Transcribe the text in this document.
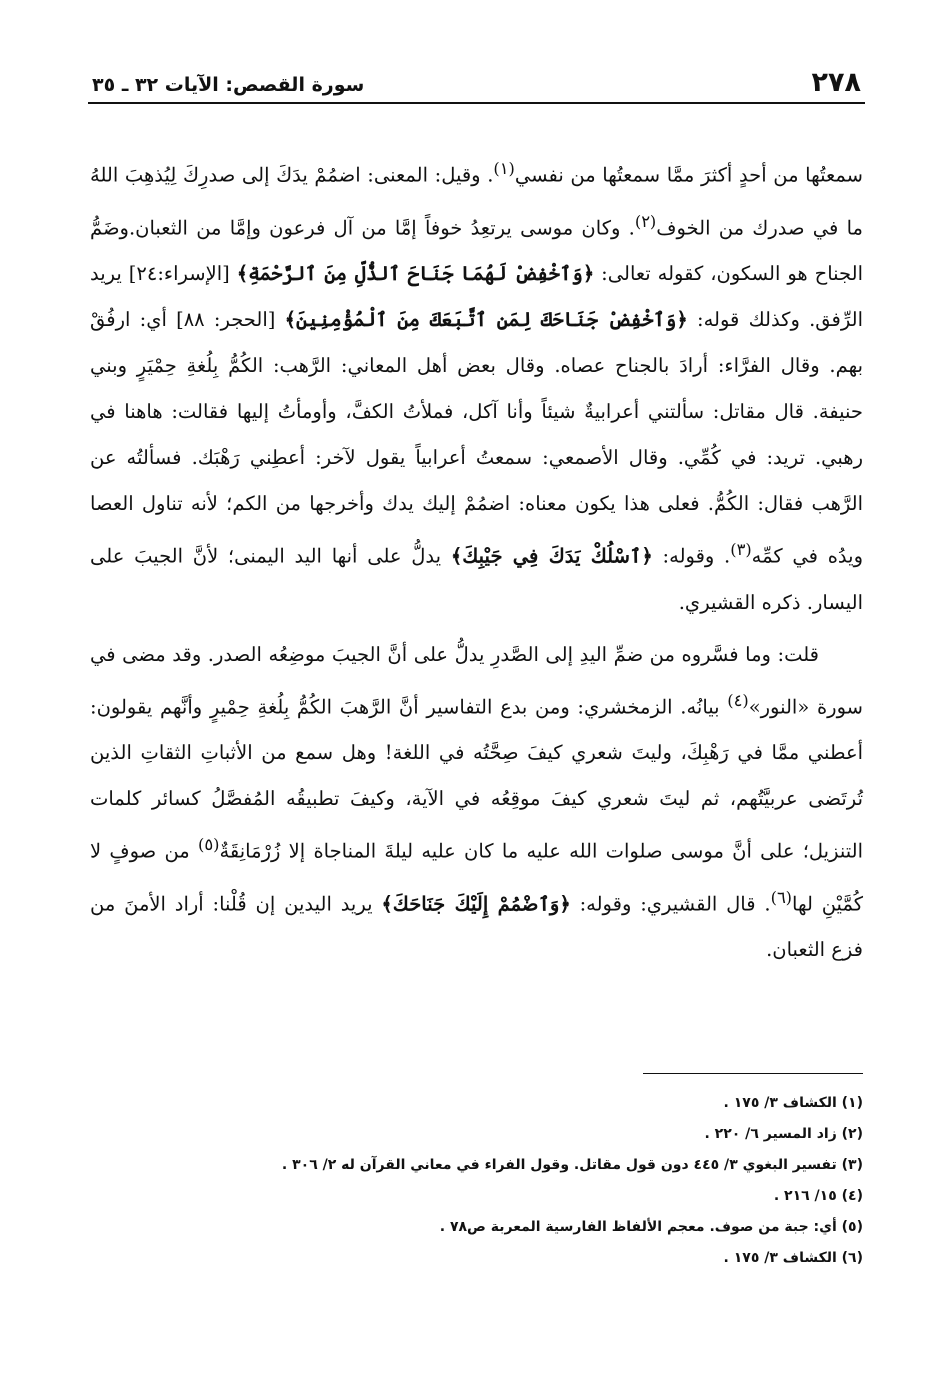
٢٧٨
سورة القصص: الآيات ٣٢ ـ ٣٥

سمعتُها من أحدٍ أكثرَ ممَّا سمعتُها من نفسي$^{(١)}$. وقيل: المعنى: اضمُمْ يدَكَ إلى صدرِكَ لِيُذهِبَ اللهُ ما في صدرك من الخوف$^{(٢)}$. وكان موسى يرتعِدُ خوفاً إمَّا من آل فرعون وإمَّا من الثعبان.وضَمُّ الجناح هو السكون، كقوله تعالى: ﴿وَٱخْفِضْ لَهُمَا جَنَاحَ ٱلذُّلِّ مِنَ ٱلرَّحْمَةِ﴾ [الإسراء:٢٤] يريد الرِّفق. وكذلك قوله: ﴿وَٱخْفِضْ جَنَاحَكَ لِمَنِ ٱتَّبَعَكَ مِنَ ٱلْمُؤْمِنِينَ﴾ [الحجر: ٨٨] أي: ارفُقْ بهم. وقال الفرَّاء: أرادَ بالجناح عصاه. وقال بعض أهل المعاني: الرَّهب: الكُمُّ بِلُغةِ حِمْيَرٍ وبني حنيفة. قال مقاتل: سألتني أعرابيةٌ شيئاً وأنا آكل، فملأتُ الكفَّ، وأومأتُ إليها فقالت: هاهنا في رهبي. تريد: في كُمِّي. وقال الأصمعي: سمعتُ أعرابياً يقول لآخر: أعطِني رَهْبَك. فسألتُه عن الرَّهب فقال: الكُمُّ. فعلى هذا يكون معناه: اضمُمْ إليك يدك وأخرجها من الكم؛ لأنه تناول العصا ويدُه في كمِّه$^{(٣)}$. وقوله: ﴿ٱسْلُكْ يَدَكَ فِي جَيْبِكَ﴾ يدلُّ على أنها اليد اليمنى؛ لأنَّ الجيبَ على اليسار. ذكره القشيري.

قلت: وما فسَّروه من ضمِّ اليدِ إلى الصَّدرِ يدلُّ على أنَّ الجيبَ موضِعُه الصدر. وقد مضى في سورة «النور»$^{(٤)}$ بيانُه. الزمخشري: ومن بدع التفاسير أنَّ الرَّهبَ الكُمُّ بِلُغةِ حِمْيرٍ وأنَّهم يقولون: أعطني ممَّا في رَهْبِكَ، وليتَ شعري كيفَ صِحَّتُه في اللغة! وهل سمع من الأثباتِ الثقاتِ الذين تُرتَضى عربيَّتُهم، ثم ليتَ شعري كيفَ موقِعُه في الآية، وكيفَ تطبيقُه المُفصَّلُ كسائر كلمات التنزيل؛ على أنَّ موسى صلوات الله عليه ما كان عليه ليلةَ المناجاة إلا زُرْمَانِقَةٌ$^{(٥)}$ من صوفٍ لا كُمَّيْنِ لها$^{(٦)}$. قال القشيري: وقوله: ﴿وَٱضْمُمْ إِلَيْكَ جَنَاحَكَ﴾ يريد اليدين إن قُلْنا: أراد الأمنَ من فزع الثعبان.

(١) الكشاف ٣/ ١٧٥ .
(٢) زاد المسير ٦/ ٢٢٠ .
(٣) تفسير البغوي ٣/ ٤٤٥ دون قول مقاتل. وقول الفراء في معاني القرآن له ٢/ ٣٠٦ .
(٤) ١٥/ ٢١٦ .
(٥) أي: جبة من صوف. معجم الألفاظ الفارسية المعربة ص٧٨ .
(٦) الكشاف ٣/ ١٧٥ .
